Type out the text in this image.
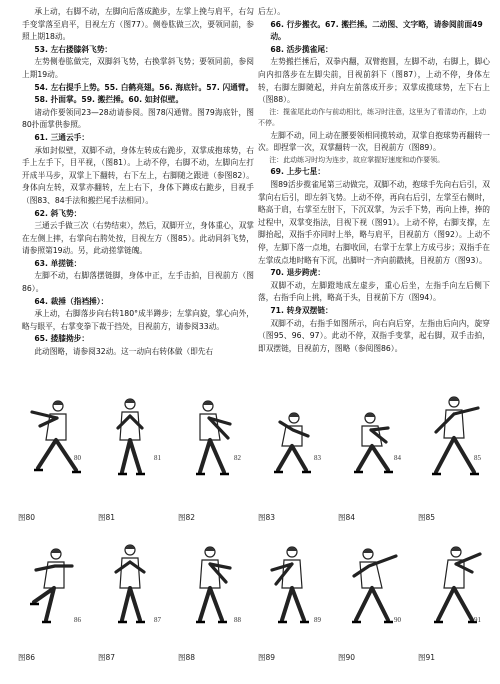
承上动，右脚不动，左脚向后落成跪步，左掌上挽与肩平，右勾手变掌落至肩平，目视左方（图77）。侧卷肱做三次，要领同前，参照上期18动。

53. 左右搂膝斜飞势：

左势侧卷肱做完，双脚斜飞势，右换掌斜飞势；要领同前，参阅上期19动。

54. 左右提手上势。55. 白鹤亮翅。56. 海底针。57. 闪通臂。58. 扑面掌。59. 搬拦捶。60. 如封似壁。

诸动作要领同23—28动请参阅。图78闪通臂。图79海底针，图80扑面掌供参照。

61. 三通云手：

承如封似壁，双脚不动，身体左转成右跪步，双掌成抱球势，右手上左手下，目平视，（图81）。上动不停，右脚不动，左脚向左打开成半马步，双掌上下翻转，右下左上，右脚随之跟进（参图82）。身体向左转，双掌亦翻转，左上右下，身体下蹲成右跪步，目视手（图83、84手法和搬拦尾手法相同）。

62. 斜飞势：

三通云手做三次（右势结束），然后，双脚开立，身体重心，双掌在左侧上摔，右掌向右胯处按，目视左方（图85）。此动同斜飞势，请参照第19动。另，此动搓掌链魄。

63. 单搓链：

左脚不动，右脚落摆链脚，身体中正，左手击拍，目视前方（图86）。

64. 裁捶（指裆捶）：

承上动，右脚落步向右转180°成半蹲步；左掌向旋，掌心向外，略与眼平，右掌变拳下裁于挡处，目视前方，请参阅33动。

65. 搂膝拗步：

此动图略，请参阅32动。这一动向右转体做（即先右

后左）。

66. 行步搬衣。67. 搬拦捶。二动图、文字略，请参阅前面49动。

68. 活步揽雀尾：

左势搬拦捶后，双拳内翻，双臂抱圆，左脚不动，右脚上，脚心向内扣落步在左脚尖前，目视前斜下（图87），上动不停，身体左转，右脚左脚随起，并向左前落成开步；双掌成揽球势，左下右上（图88）。

注：揽雀尾此动作与前动相比，练习时注意，这里为了看清动作，上动不停。

左脚不动，同上动在腰要领相同揽转动，双掌自抱球势再翻转一次。即捏掌一次，双掌翻转一次，目视前方（图89）。

注：此动练习时均为连步，故应掌握好速度和动作要领。

69. 上步七星：

图89活步揽雀尾第三动做完，双脚不动，抱球手先向右后引，双掌向右后引，即左斜飞势。上动不停，再向右后引，左掌至右侧时，略高于肩，右掌至左肘下，下沉双掌，为云手下势，再向上捧，捧的过程中，双掌变指法，目视下视（图91）。上动不停，右脚支撑，左脚抬起，双指手亦同时上举，略与肩平，目视前方（图92）。上动不停，左脚下落一点地，右脚收回，右掌于左掌上方成弓步；双指手在左掌成点地时略有下沉，出脚时一齐向前戳挑，目视前方（图93）。

70. 退步跨虎：

双脚不动，左脚蹬地成左虚步，重心后坐，左指手向左后侧下落，右指手向上挑，略高于头，目视前下方（图94）。

71. 转身双摆链：

双脚不动，右指手如图所示，向右向后穿，左指由后向内，旋穿（图95、96、97）。此动不停，双指手变掌，起右脚，双手击拍，即双摆链，目视前方，图略（参阅图86）。

80
图80
81
图81
82
图82
83
图83
84
图84
85
图85
86
图86
87
图87
88
图88
89
图89
90
图90
91
图91
